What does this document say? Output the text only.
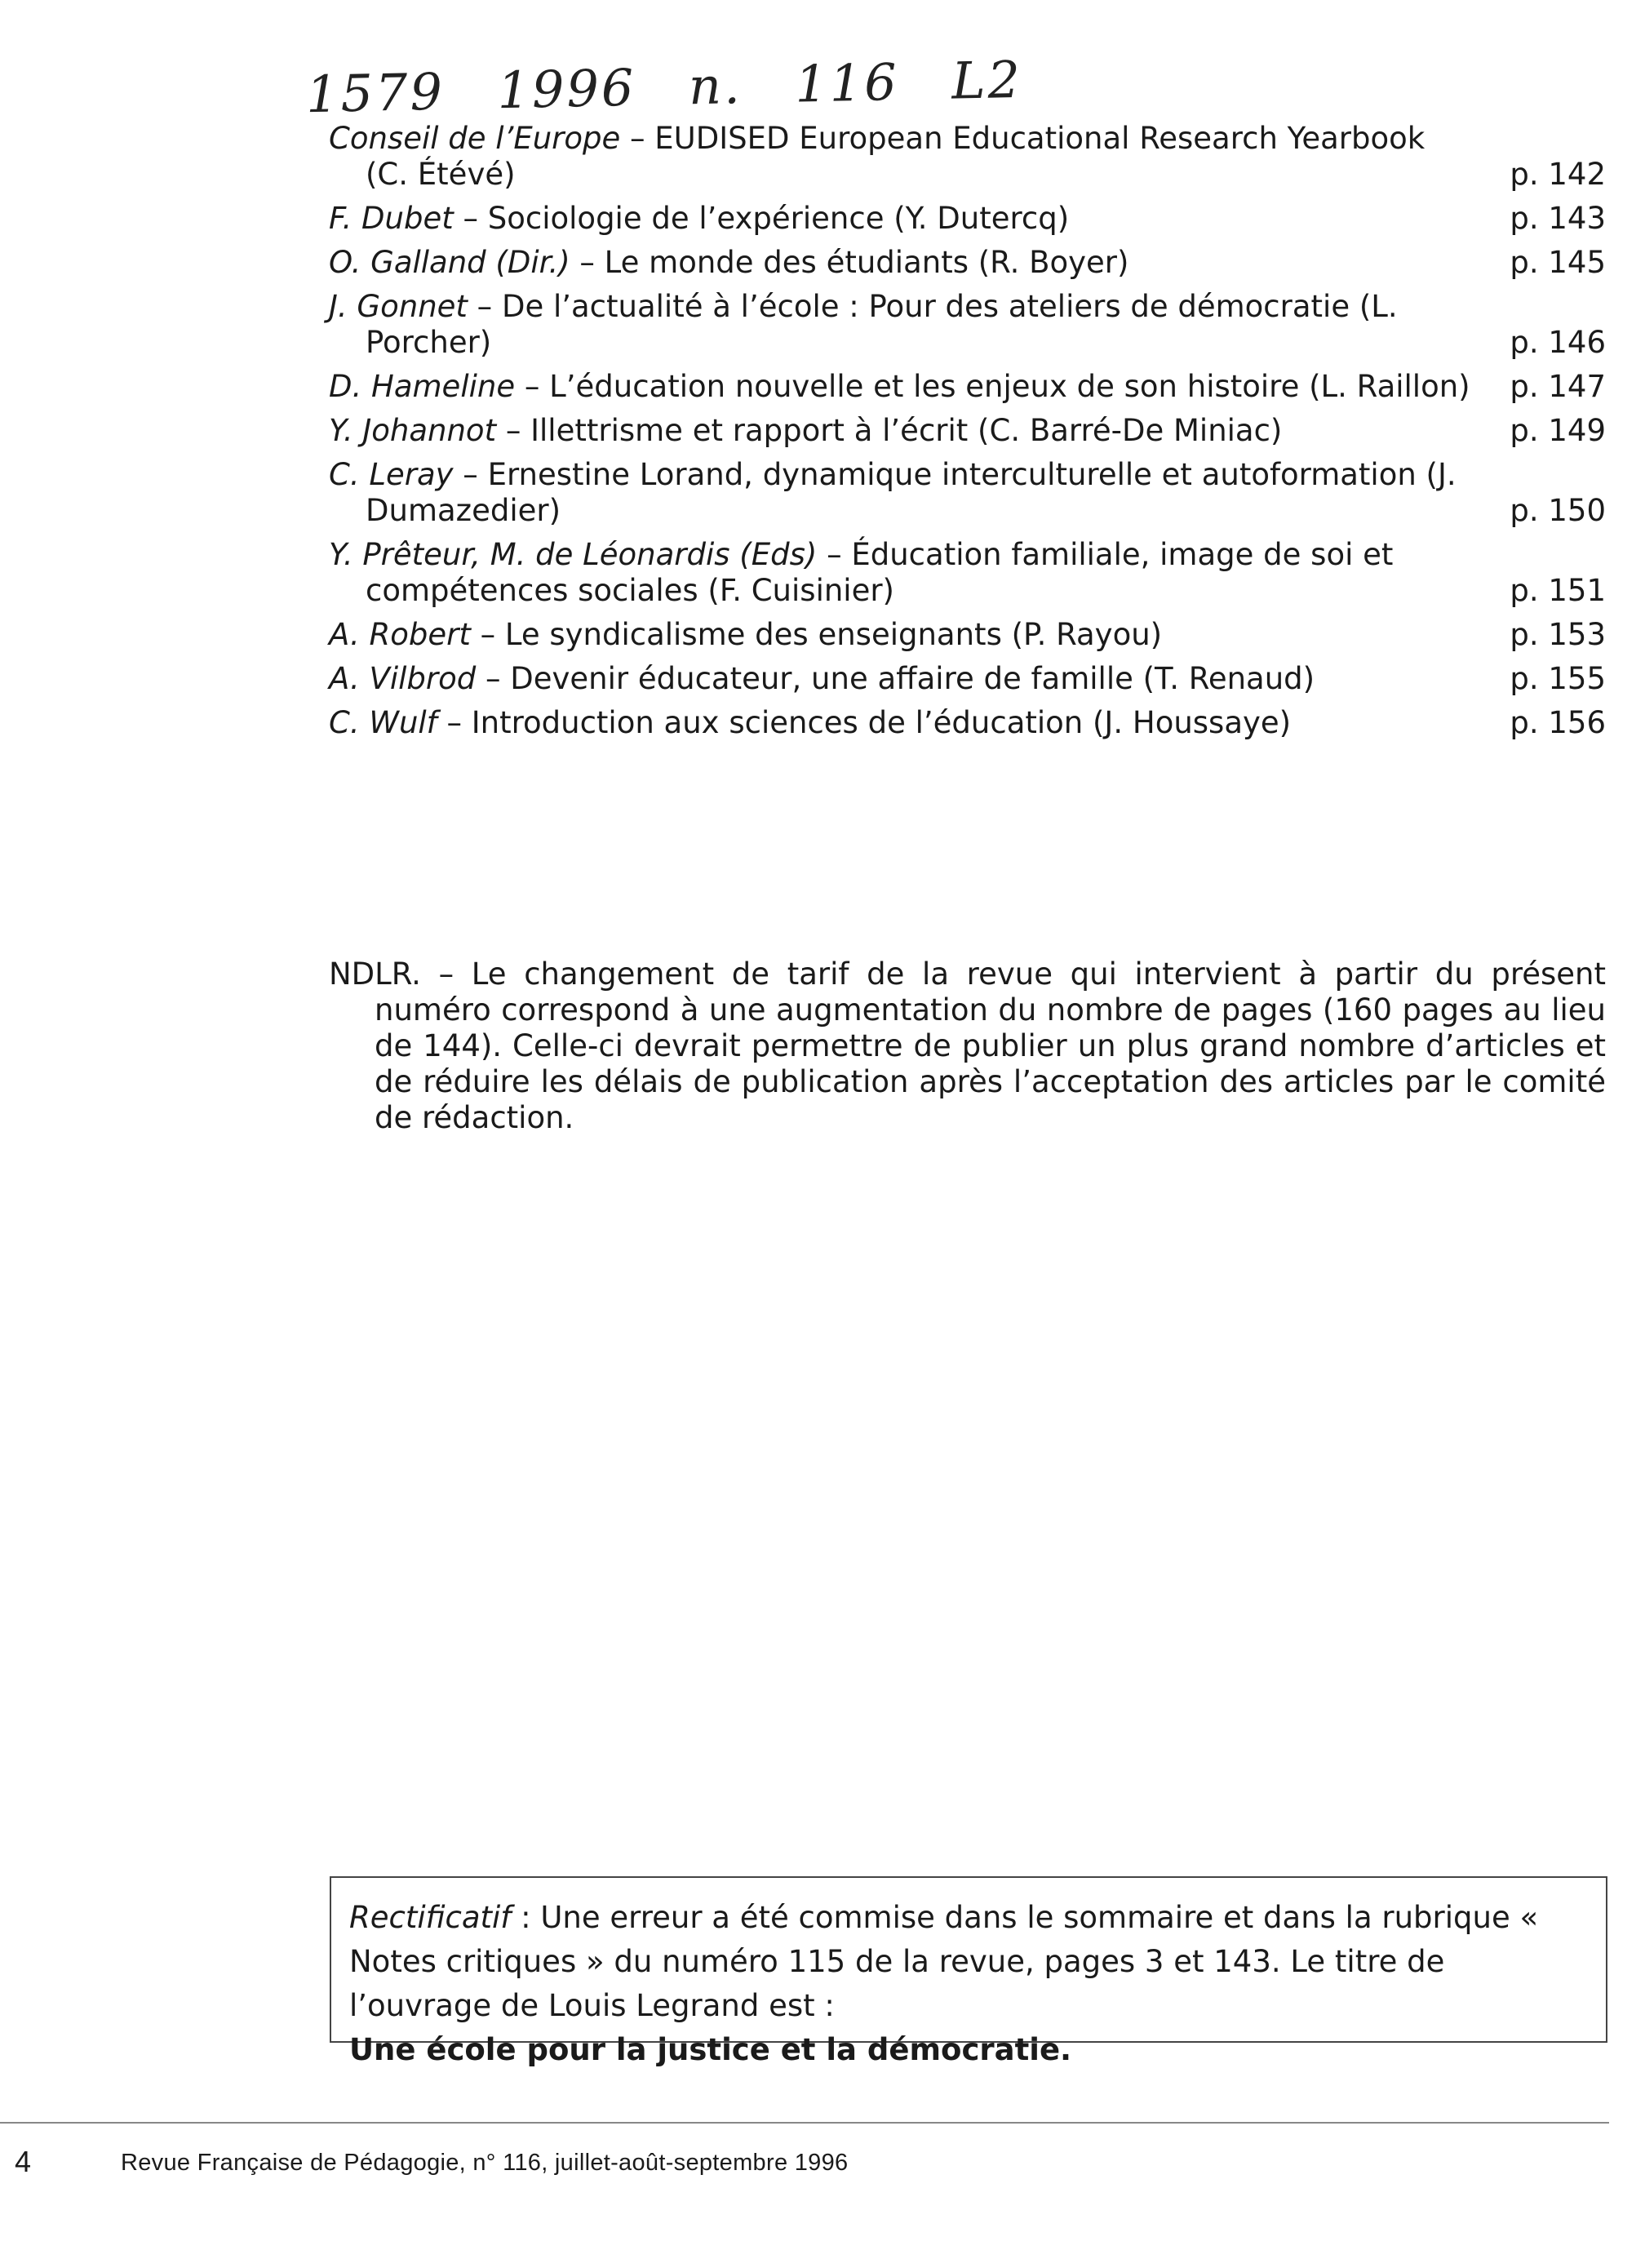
1579 1996 n. 116 L2
Conseil de l’Europe – EUDISED European Educational Research Yearbook (C. Étévé)	p. 142
F. Dubet – Sociologie de l’expérience (Y. Dutercq)	p. 143
O. Galland (Dir.) – Le monde des étudiants (R. Boyer)	p. 145
J. Gonnet – De l’actualité à l’école : Pour des ateliers de démocratie (L. Porcher)	p. 146
D. Hameline – L’éducation nouvelle et les enjeux de son histoire (L. Raillon) p. 147
Y. Johannot – Illettrisme et rapport à l’écrit (C. Barré-De Miniac)	p. 149
C. Leray – Ernestine Lorand, dynamique interculturelle et autoformation (J. Dumazedier)	p. 150
Y. Prêteur, M. de Léonardis (Eds) – Éducation familiale, image de soi et compétences sociales (F. Cuisinier)	p. 151
A. Robert – Le syndicalisme des enseignants (P. Rayou)	p. 153
A. Vilbrod – Devenir éducateur, une affaire de famille (T. Renaud)	p. 155
C. Wulf – Introduction aux sciences de l’éducation (J. Houssaye)	p. 156
NDLR. – Le changement de tarif de la revue qui intervient à partir du présent numéro correspond à une augmentation du nombre de pages (160 pages au lieu de 144). Celle-ci devrait permettre de publier un plus grand nombre d’articles et de réduire les délais de publication après l’acceptation des articles par le comité de rédaction.
Rectificatif : Une erreur a été commise dans le sommaire et dans la rubrique « Notes critiques » du numéro 115 de la revue, pages 3 et 143. Le titre de l’ouvrage de Louis Legrand est :
Une école pour la justice et la démocratie.
4	Revue Française de Pédagogie, n° 116, juillet-août-septembre 1996
